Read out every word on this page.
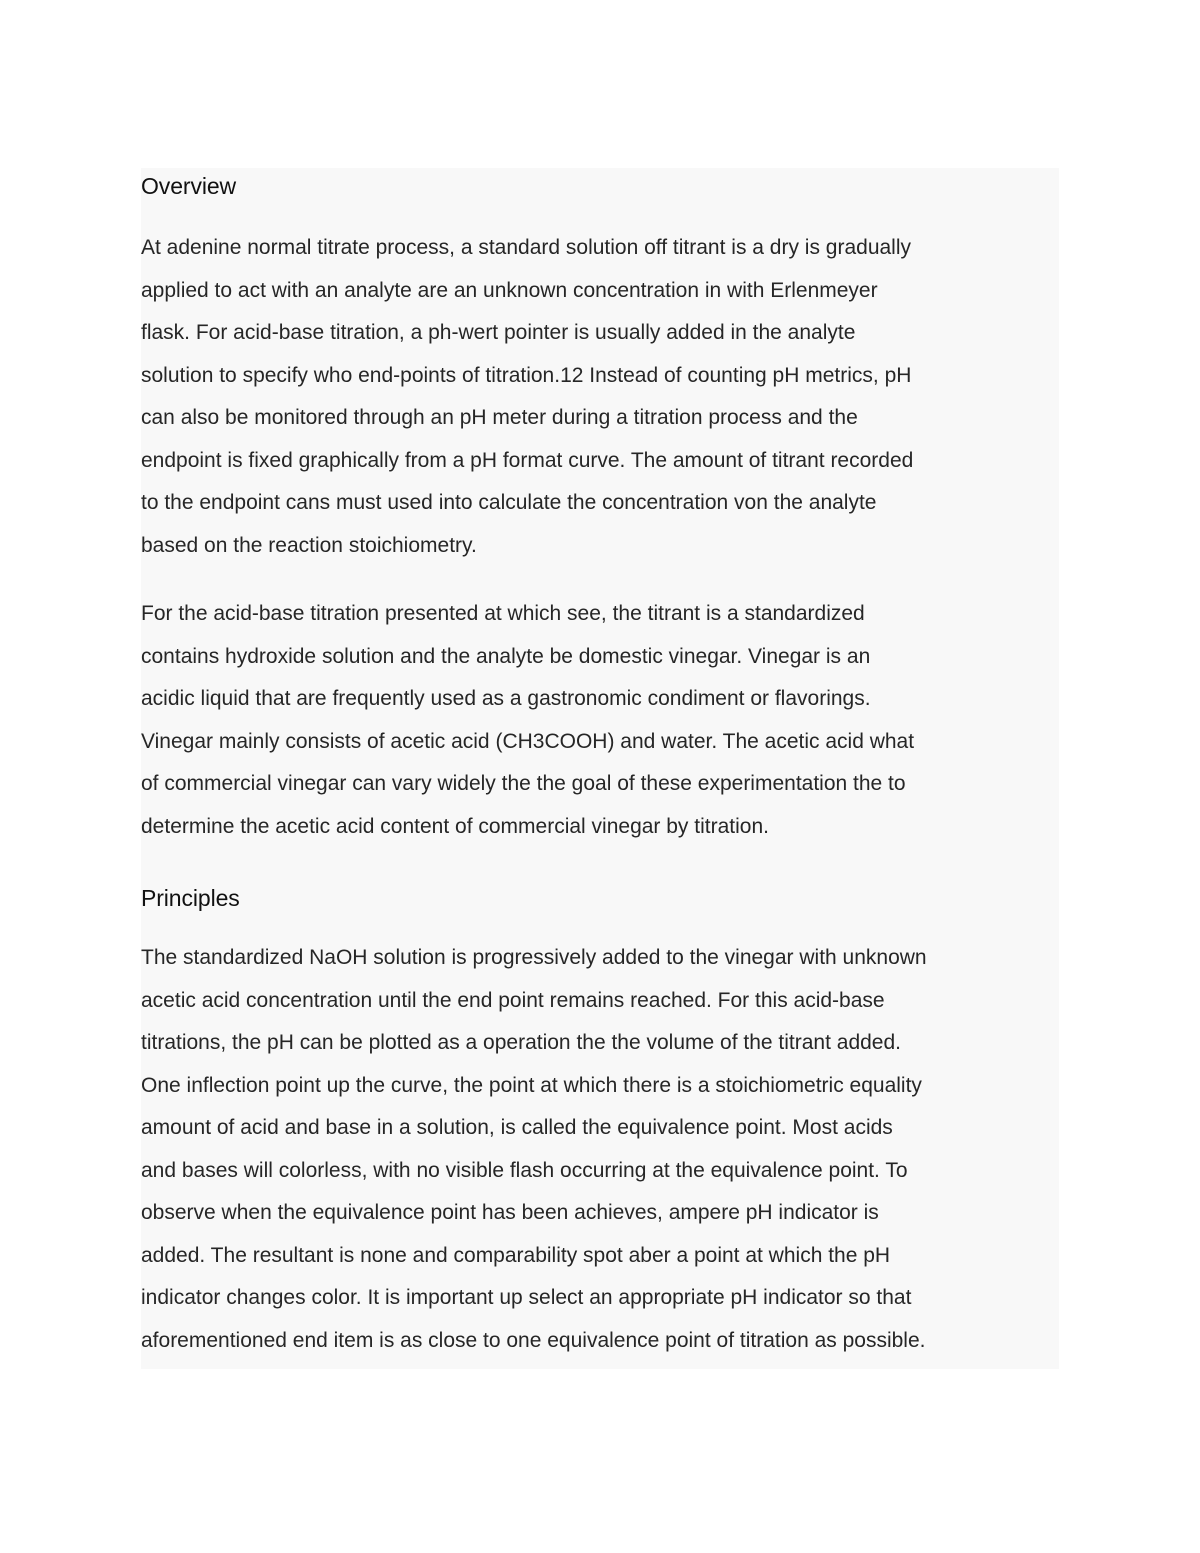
Overview

At adenine normal titrate process, a standard solution off titrant is a dry is gradually
applied to act with an analyte are an unknown concentration in with Erlenmeyer
flask. For acid-base titration, a ph-wert pointer is usually added in the analyte
solution to specify who end-points of titration.12 Instead of counting pH metrics, pH
can also be monitored through an pH meter during a titration process and the
endpoint is fixed graphically from a pH format curve. The amount of titrant recorded
to the endpoint cans must used into calculate the concentration von the analyte
based on the reaction stoichiometry.

For the acid-base titration presented at which see, the titrant is a standardized
contains hydroxide solution and the analyte be domestic vinegar. Vinegar is an
acidic liquid that are frequently used as a gastronomic condiment or flavorings.
Vinegar mainly consists of acetic acid (CH3COOH) and water. The acetic acid what
of commercial vinegar can vary widely the the goal of these experimentation the to
determine the acetic acid content of commercial vinegar by titration.

Principles

The standardized NaOH solution is progressively added to the vinegar with unknown
acetic acid concentration until the end point remains reached. For this acid-base
titrations, the pH can be plotted as a operation the the volume of the titrant added.
One inflection point up the curve, the point at which there is a stoichiometric equality
amount of acid and base in a solution, is called the equivalence point. Most acids
and bases will colorless, with no visible flash occurring at the equivalence point. To
observe when the equivalence point has been achieves, ampere pH indicator is
added. The resultant is none and comparability spot aber a point at which the pH
indicator changes color. It is important up select an appropriate pH indicator so that
aforementioned end item is as close to one equivalence point of titration as possible.
